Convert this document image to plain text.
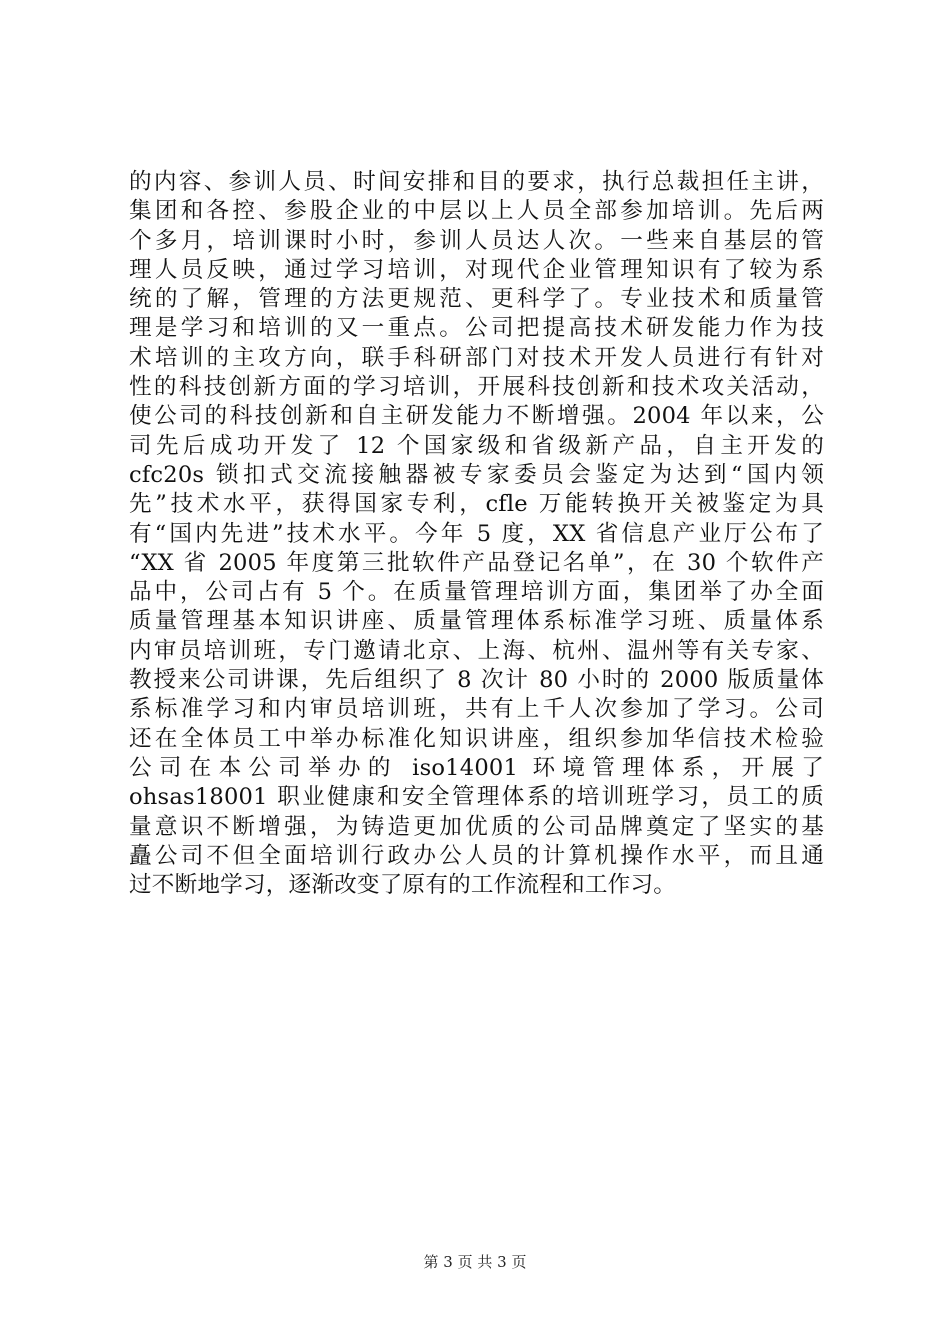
的内容、参训人员、时间安排和目的要求，执行总裁担任主讲，
集团和各控、参股企业的中层以上人员全部参加培训。先后两
个多月，培训课时小时，参训人员达人次。一些来自基层的管
理人员反映，通过学习培训，对现代企业管理知识有了较为系
统的了解，管理的方法更规范、更科学了。专业技术和质量管
理是学习和培训的又一重点。公司把提高技术研发能力作为技
术培训的主攻方向，联手科研部门对技术开发人员进行有针对
性的科技创新方面的学习培训，开展科技创新和技术攻关活动，
使公司的科技创新和自主研发能力不断增强。2004 年以来，公
司先后成功开发了 12 个国家级和省级新产品，自主开发的
cfc20s 锁扣式交流接触器被专家委员会鉴定为达到“国内领
先”技术水平，获得国家专利，cfle 万能转换开关被鉴定为具
有“国内先进”技术水平。今年 5 度，XX 省信息产业厅公布了
“XX 省 2005 年度第三批软件产品登记名单”，在 30 个软件产
品中，公司占有 5 个。在质量管理培训方面，集团举了办全面
质量管理基本知识讲座、质量管理体系标准学习班、质量体系
内审员培训班，专门邀请北京、上海、杭州、温州等有关专家、
教授来公司讲课，先后组织了 8 次计 80 小时的 2000 版质量体
系标准学习和内审员培训班，共有上千人次参加了学习。公司
还在全体员工中举办标准化知识讲座，组织参加华信技术检验
公司在本公司举办的 iso14001 环境管理体系，开展了
ohsas18001 职业健康和安全管理体系的培训班学习，员工的质
量意识不断增强，为铸造更加优质的公司品牌奠定了坚实的基
矗公司不但全面培训行政办公人员的计算机操作水平，而且通
过不断地学习，逐渐改变了原有的工作流程和工作习。
第 3 页 共 3 页
